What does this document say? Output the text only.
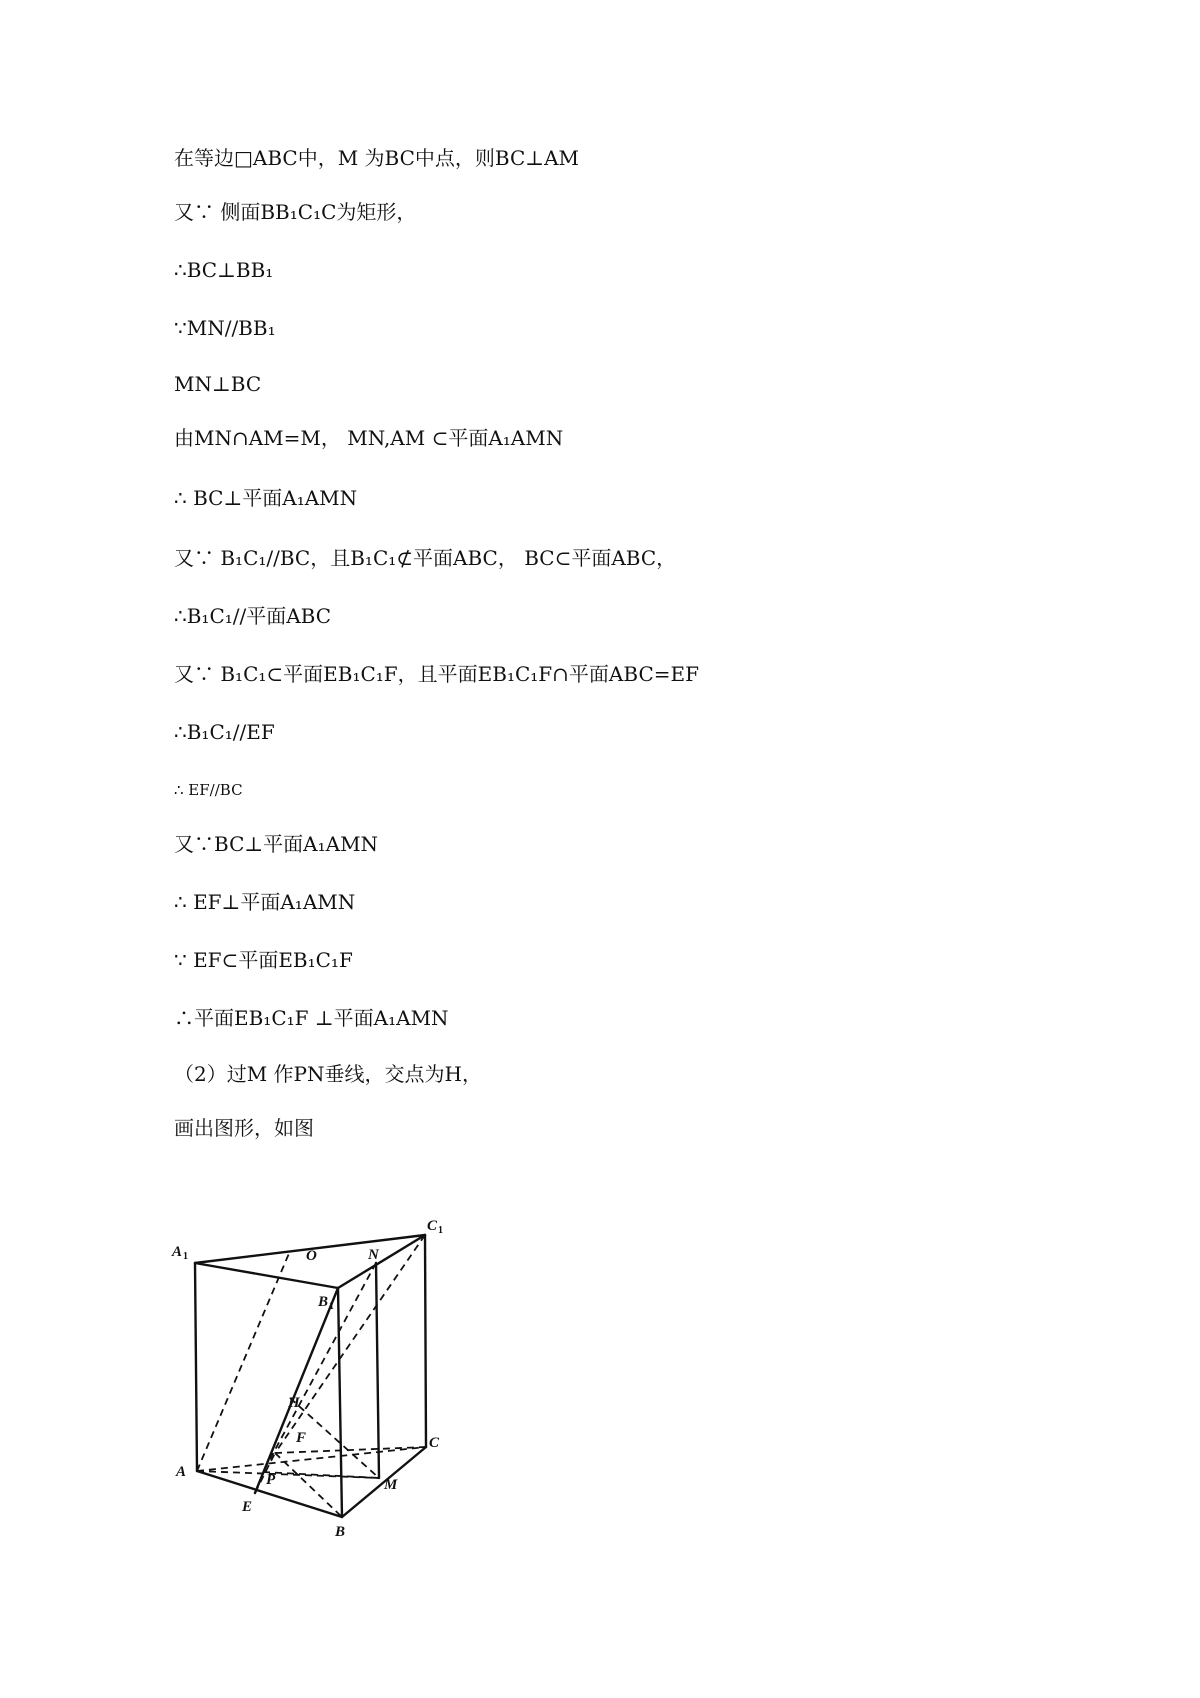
在等边□ABC中，M 为BC中点，则BC⊥AM
又∵ 侧面BB₁C₁C为矩形，
∴BC⊥BB₁
∵MN//BB₁
MN⊥BC
由MN∩AM=M， MN,AM ⊂平面A₁AMN
∴ BC⊥平面A₁AMN
又∵ B₁C₁//BC，且B₁C₁⊄平面ABC， BC⊂平面ABC，
∴B₁C₁//平面ABC
又∵ B₁C₁⊂平面EB₁C₁F，且平面EB₁C₁F∩平面ABC=EF
∴B₁C₁//EF
∴ EF//BC
又∵BC⊥平面A₁AMN
∴ EF⊥平面A₁AMN
∵ EF⊂平面EB₁C₁F
∴平面EB₁C₁F ⊥平面A₁AMN
（2）过M 作PN垂线，交点为H，
画出图形，如图
A 1
C 1
B 1
O	N
H
F	C
A	P	M
E
B
